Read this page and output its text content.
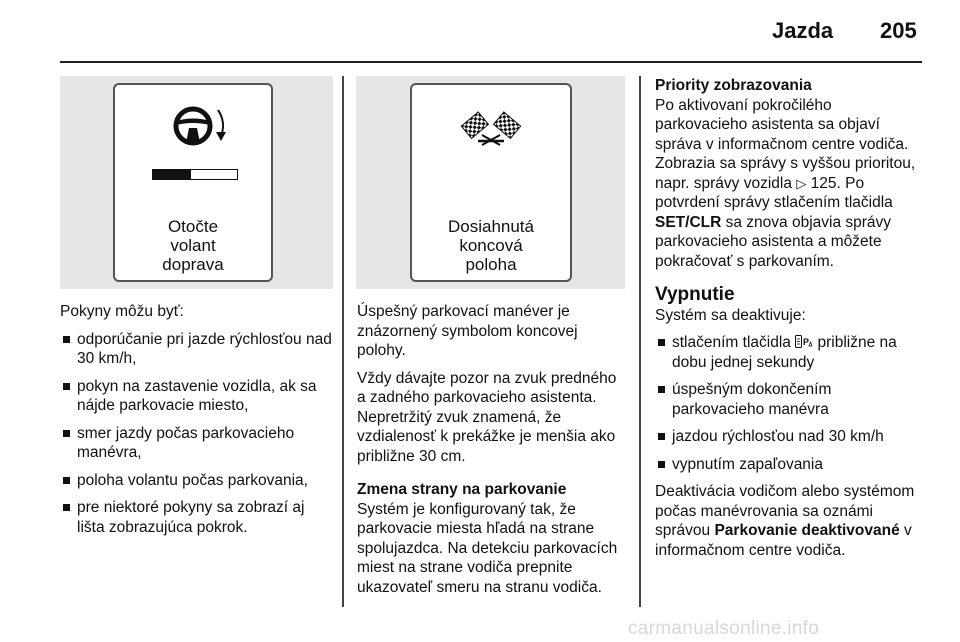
Jazda 205
Otočte
volant
doprava
Dosiahnutá
koncová
poloha

Pokyny môžu byť:

odporúčanie pri jazde rýchlosťou nad 30 km/h,
pokyn na zastavenie vozidla, ak sa nájde parkovacie miesto,
smer jazdy počas parkovacieho manévra,
poloha volantu počas parkovania,
pre niektoré pokyny sa zobrazí aj lišta zobrazujúca pokrok.

Úspešný parkovací manéver je znázornený symbolom koncovej polohy.

Vždy dávajte pozor na zvuk predného a zadného parkovacieho asistenta. Nepretržitý zvuk znamená, že vzdialenosť k prekážke je menšia ako približne 30 cm.

Zmena strany na parkovanie

Systém je konfigurovaný tak, že parkovacie miesta hľadá na strane spolujazdca. Na detekciu parkovacích miest na strane vodiča prepnite ukazovateľ smeru na stranu vodiča.

Priority zobrazovania

Po aktivovaní pokročilého parkovacieho asistenta sa objaví správa v informačnom centre vodiča. Zobrazia sa správy s vyššou prioritou, napr. správy vozidla ▷ 125. Po potvrdení správy stlačením tlačidla SET/CLR sa znova objavia správy parkovacieho asistenta a môžete pokračovať s parkovaním.

Vypnutie

Systém sa deaktivuje:

stlačením tlačidla P približne na dobu jednej sekundy
úspešným dokončením parkovacieho manévra
jazdou rýchlosťou nad 30 km/h
vypnutím zapaľovania

Deaktivácia vodičom alebo systémom počas manévrovania sa oznámi správou Parkovanie deaktivované v informačnom centre vodiča.

carmanualsonline.info
